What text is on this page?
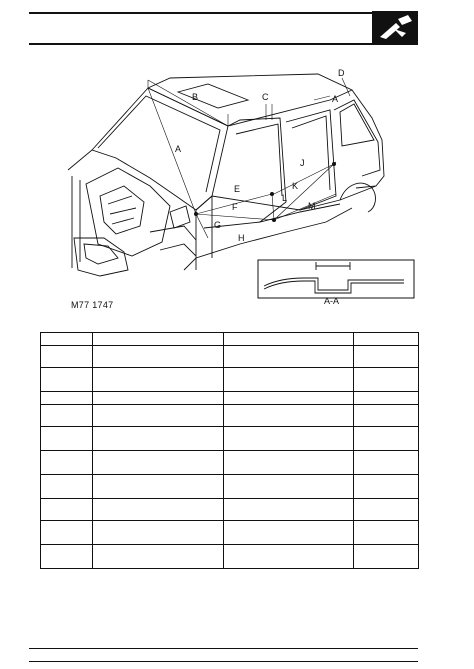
A
B	C
D
A
E
F
G
H
J
K
L
M
A-A
M77 1747
